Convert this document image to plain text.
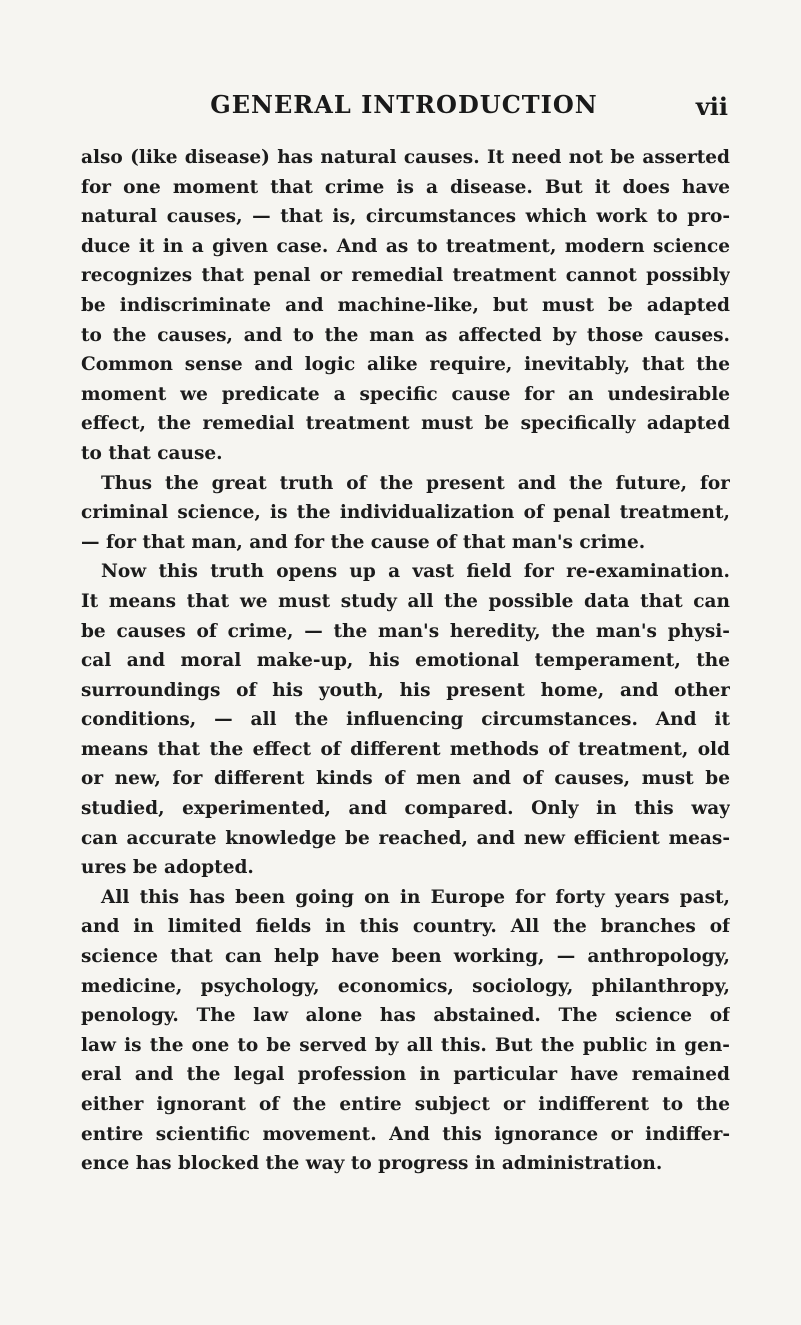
GENERAL INTRODUCTION	vii
also (like disease) has natural causes. It need not be asserted
for one moment that crime is a disease. But it does have
natural causes, — that is, circumstances which work to pro-
duce it in a given case. And as to treatment, modern science
recognizes that penal or remedial treatment cannot possibly
be indiscriminate and machine-like, but must be adapted
to the causes, and to the man as affected by those causes.
Common sense and logic alike require, inevitably, that the
moment we predicate a specific cause for an undesirable
effect, the remedial treatment must be specifically adapted
to that cause.
Thus the great truth of the present and the future, for
criminal science, is the individualization of penal treatment,
— for that man, and for the cause of that man's crime.
Now this truth opens up a vast field for re-examination.
It means that we must study all the possible data that can
be causes of crime, — the man's heredity, the man's physi-
cal and moral make-up, his emotional temperament, the
surroundings of his youth, his present home, and other
conditions, — all the influencing circumstances. And it
means that the effect of different methods of treatment, old
or new, for different kinds of men and of causes, must be
studied, experimented, and compared. Only in this way
can accurate knowledge be reached, and new efficient meas-
ures be adopted.
All this has been going on in Europe for forty years past,
and in limited fields in this country. All the branches of
science that can help have been working, — anthropology,
medicine, psychology, economics, sociology, philanthropy,
penology. The law alone has abstained. The science of
law is the one to be served by all this. But the public in gen-
eral and the legal profession in particular have remained
either ignorant of the entire subject or indifferent to the
entire scientific movement. And this ignorance or indiffer-
ence has blocked the way to progress in administration.
